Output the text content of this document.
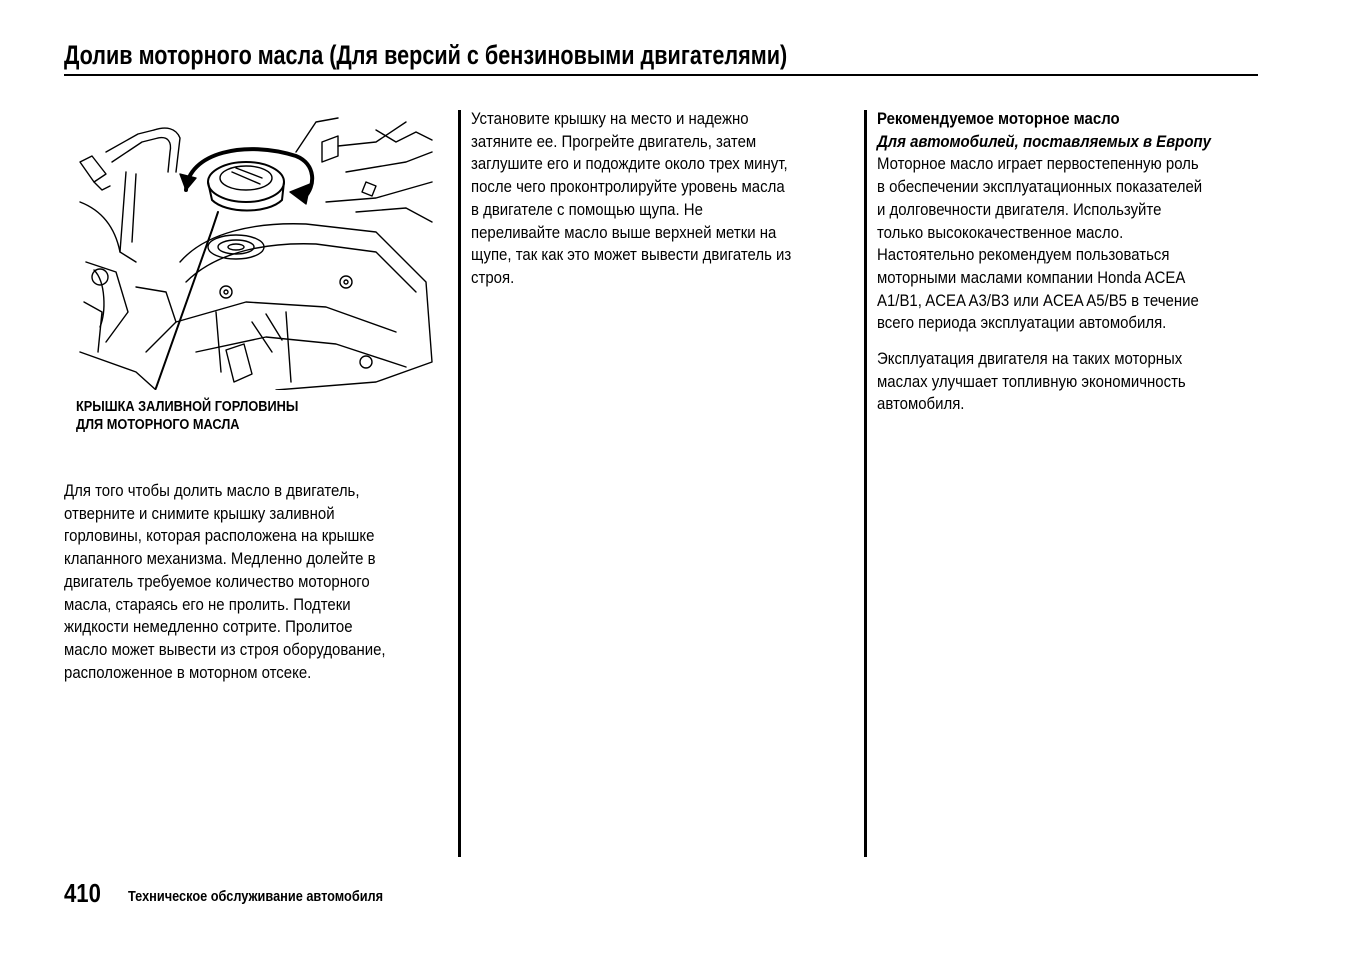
Долив моторного масла (Для версий с бензиновыми двигателями)
КРЫШКА ЗАЛИВНОЙ ГОРЛОВИНЫ
ДЛЯ МОТОРНОГО МАСЛА
Для того чтобы долить масло в двигатель,
отверните и снимите крышку заливной
горловины, которая расположена на крышке
клапанного механизма. Медленно долейте в
двигатель требуемое количество моторного
масла, стараясь его не пролить. Подтеки
жидкости немедленно сотрите. Пролитое
масло может вывести из строя оборудование,
расположенное в моторном отсеке.
Установите крышку на место и надежно
затяните ее. Прогрейте двигатель, затем
заглушите его и подождите около трех минут,
после чего проконтролируйте уровень масла
в двигателе с помощью щупа. Не
переливайте масло выше верхней метки на
щупе, так как это может вывести двигатель из
строя.
Рекомендуемое моторное масло
Для автомобилей, поставляемых в Европу
Моторное масло играет первостепенную роль
в обеспечении эксплуатационных показателей
и долговечности двигателя. Используйте
только высококачественное масло.
Настоятельно рекомендуем пользоваться
моторными маслами компании Honda ACEA
A1/B1, ACEA A3/B3 или ACEA A5/B5 в течение
всего периода эксплуатации автомобиля.
Эксплуатация двигателя на таких моторных
маслах улучшает топливную экономичность
автомобиля.
410	Техническое обслуживание автомобиля
